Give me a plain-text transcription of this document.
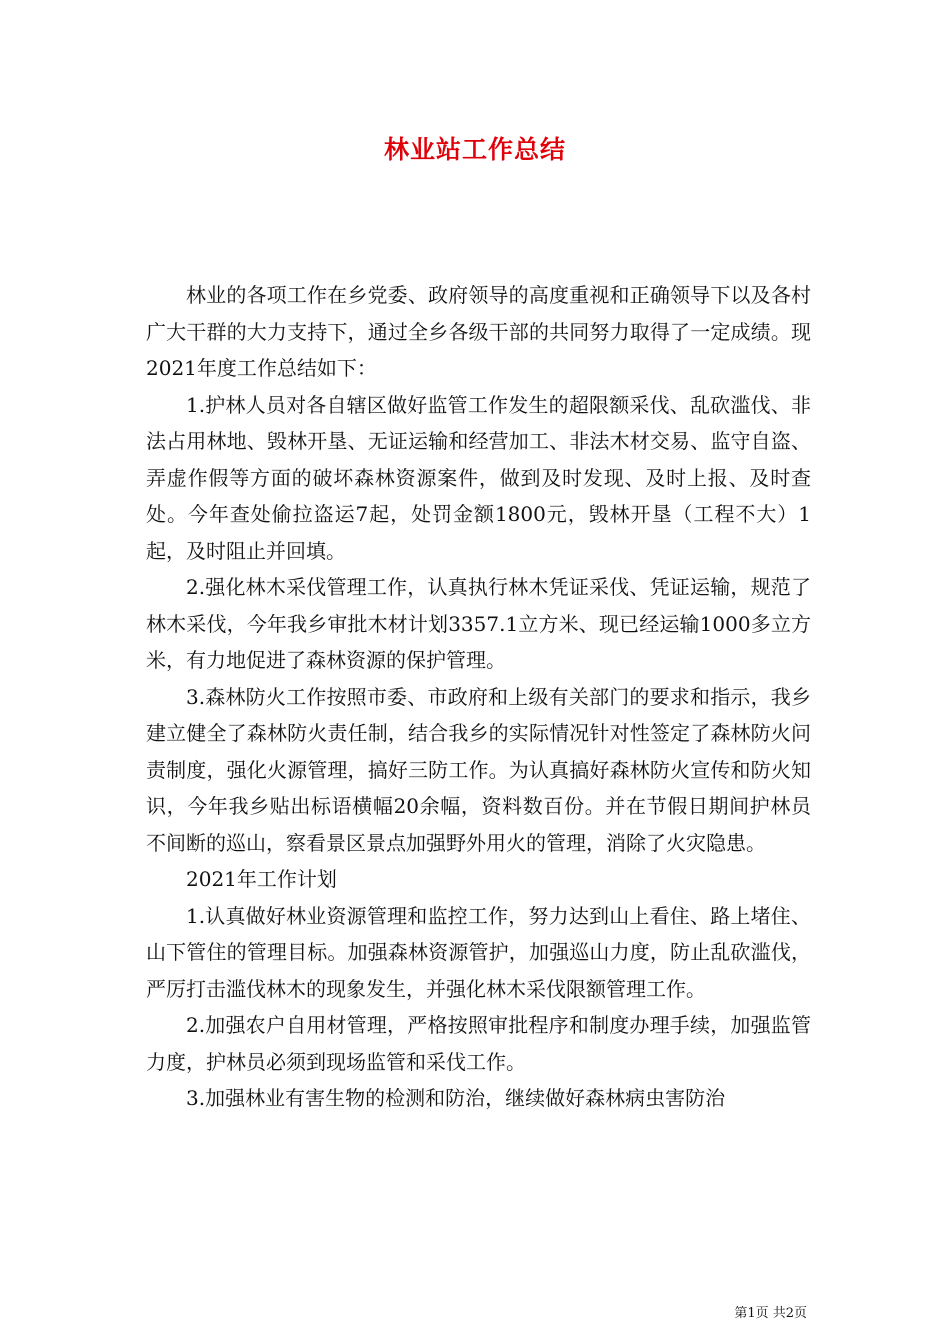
林业站工作总结

林业的各项工作在乡党委、政府领导的高度重视和正确领导下以及各村广大干群的大力支持下，通过全乡各级干部的共同努力取得了一定成绩。现2021年度工作总结如下：

1.护林人员对各自辖区做好监管工作发生的超限额采伐、乱砍滥伐、非法占用林地、毁林开垦、无证运输和经营加工、非法木材交易、监守自盗、弄虚作假等方面的破坏森林资源案件，做到及时发现、及时上报、及时查处。今年查处偷拉盗运7起，处罚金额1800元，毁林开垦（工程不大）1起，及时阻止并回填。

2.强化林木采伐管理工作，认真执行林木凭证采伐、凭证运输，规范了林木采伐，今年我乡审批木材计划3357.1立方米、现已经运输1000多立方米，有力地促进了森林资源的保护管理。

3.森林防火工作按照市委、市政府和上级有关部门的要求和指示，我乡建立健全了森林防火责任制，结合我乡的实际情况针对性签定了森林防火问责制度，强化火源管理，搞好三防工作。为认真搞好森林防火宣传和防火知识，今年我乡贴出标语横幅20余幅，资料数百份。并在节假日期间护林员不间断的巡山，察看景区景点加强野外用火的管理，消除了火灾隐患。

2021年工作计划

1.认真做好林业资源管理和监控工作，努力达到山上看住、路上堵住、山下管住的管理目标。加强森林资源管护，加强巡山力度，防止乱砍滥伐，严厉打击滥伐林木的现象发生，并强化林木采伐限额管理工作。

2.加强农户自用材管理，严格按照审批程序和制度办理手续，加强监管力度，护林员必须到现场监管和采伐工作。

3.加强林业有害生物的检测和防治，继续做好森林病虫害防治

第1页 共2页
